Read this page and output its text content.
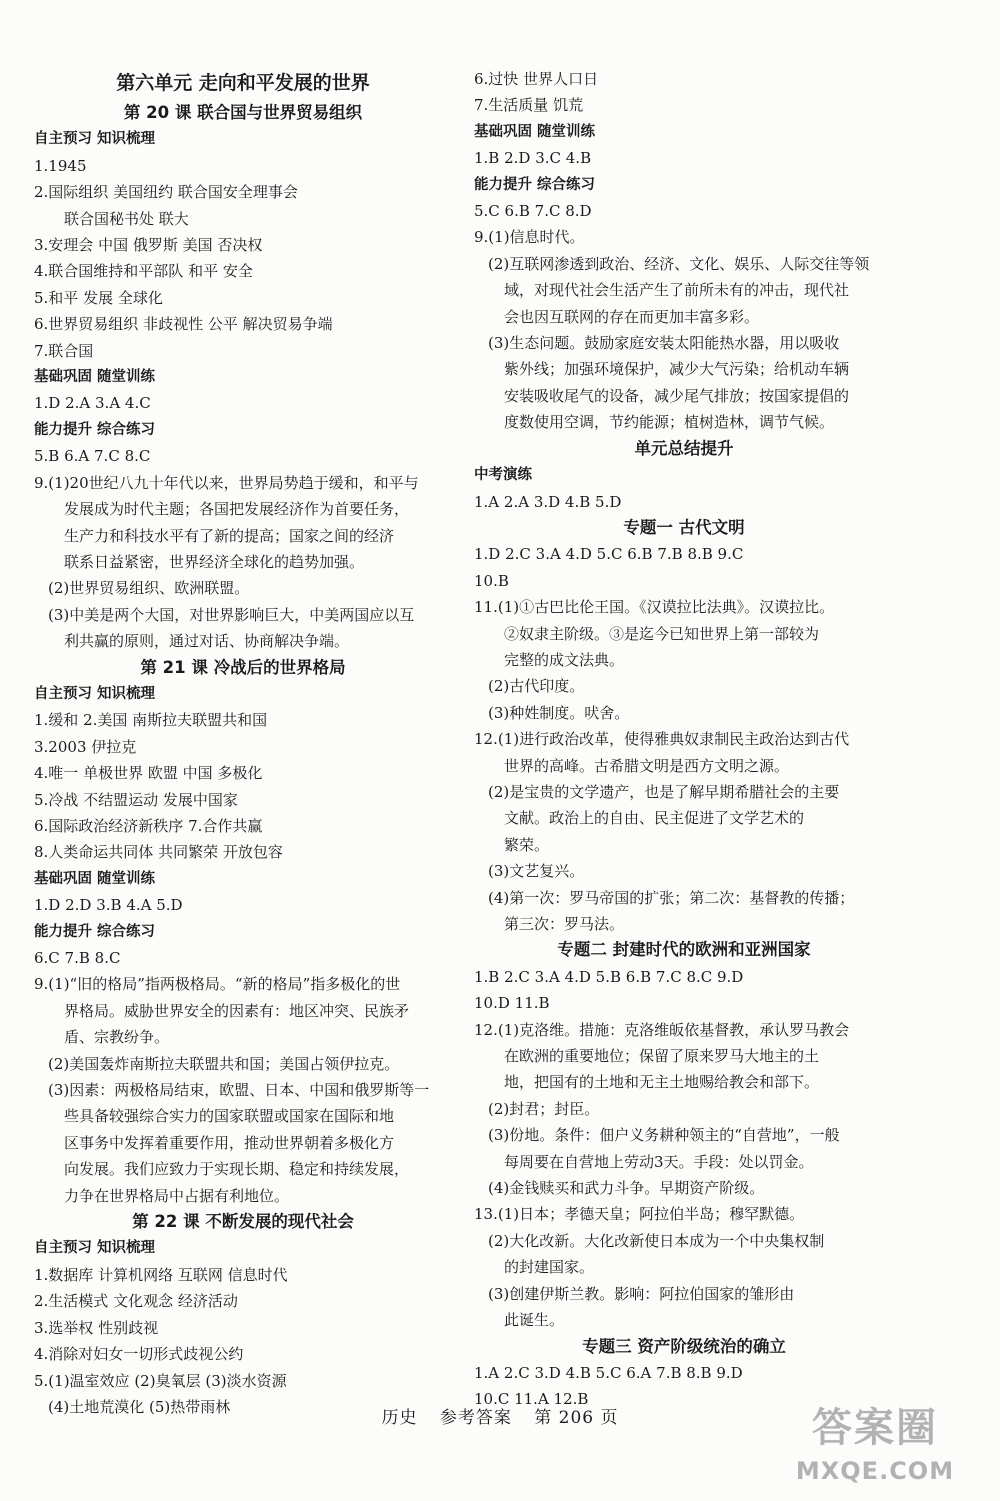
第六单元 走向和平发展的世界
第 20 课 联合国与世界贸易组织
自主预习 知识梳理
1.1945
2.国际组织 美国纽约 联合国安全理事会
联合国秘书处 联大
3.安理会 中国 俄罗斯 美国 否决权
4.联合国维持和平部队 和平 安全
5.和平 发展 全球化
6.世界贸易组织 非歧视性 公平 解决贸易争端
7.联合国
基础巩固 随堂训练
1.D 2.A 3.A 4.C
能力提升 综合练习
5.B 6.A 7.C 8.C
9.(1)20世纪八九十年代以来，世界局势趋于缓和，和平与
发展成为时代主题；各国把发展经济作为首要任务，
生产力和科技水平有了新的提高；国家之间的经济
联系日益紧密，世界经济全球化的趋势加强。
(2)世界贸易组织、欧洲联盟。
(3)中美是两个大国，对世界影响巨大，中美两国应以互
利共赢的原则，通过对话、协商解决争端。
第 21 课 冷战后的世界格局
自主预习 知识梳理
1.缓和 2.美国 南斯拉夫联盟共和国
3.2003 伊拉克
4.唯一 单极世界 欧盟 中国 多极化
5.冷战 不结盟运动 发展中国家
6.国际政治经济新秩序 7.合作共赢
8.人类命运共同体 共同繁荣 开放包容
基础巩固 随堂训练
1.D 2.D 3.B 4.A 5.D
能力提升 综合练习
6.C 7.B 8.C
9.(1)“旧的格局”指两极格局。“新的格局”指多极化的世
界格局。威胁世界安全的因素有：地区冲突、民族矛
盾、宗教纷争。
(2)美国轰炸南斯拉夫联盟共和国；美国占领伊拉克。
(3)因素：两极格局结束，欧盟、日本、中国和俄罗斯等一
些具备较强综合实力的国家联盟或国家在国际和地
区事务中发挥着重要作用，推动世界朝着多极化方
向发展。我们应致力于实现长期、稳定和持续发展，
力争在世界格局中占据有利地位。
第 22 课 不断发展的现代社会
自主预习 知识梳理
1.数据库 计算机网络 互联网 信息时代
2.生活模式 文化观念 经济活动
3.选举权 性别歧视
4.消除对妇女一切形式歧视公约
5.(1)温室效应 (2)臭氧层 (3)淡水资源
(4)土地荒漠化 (5)热带雨林
6.过快 世界人口日
7.生活质量 饥荒
基础巩固 随堂训练
1.B 2.D 3.C 4.B
能力提升 综合练习
5.C 6.B 7.C 8.D
9.(1)信息时代。
(2)互联网渗透到政治、经济、文化、娱乐、人际交往等领
域，对现代社会生活产生了前所未有的冲击，现代社
会也因互联网的存在而更加丰富多彩。
(3)生态问题。鼓励家庭安装太阳能热水器，用以吸收
紫外线；加强环境保护，减少大气污染；给机动车辆
安装吸收尾气的设备，减少尾气排放；按国家提倡的
度数使用空调，节约能源；植树造林，调节气候。
单元总结提升
中考演练
1.A 2.A 3.D 4.B 5.D
专题一 古代文明
1.D 2.C 3.A 4.D 5.C 6.B 7.B 8.B 9.C
10.B
11.(1)①古巴比伦王国。《汉谟拉比法典》。汉谟拉比。
②奴隶主阶级。③是迄今已知世界上第一部较为
完整的成文法典。
(2)古代印度。
(3)种姓制度。吠舍。
12.(1)进行政治改革，使得雅典奴隶制民主政治达到古代
世界的高峰。古希腊文明是西方文明之源。
(2)是宝贵的文学遗产，也是了解早期希腊社会的主要
文献。政治上的自由、民主促进了文学艺术的
繁荣。
(3)文艺复兴。
(4)第一次：罗马帝国的扩张；第二次：基督教的传播；
第三次：罗马法。
专题二 封建时代的欧洲和亚洲国家
1.B 2.C 3.A 4.D 5.B 6.B 7.C 8.C 9.D
10.D 11.B
12.(1)克洛维。措施：克洛维皈依基督教，承认罗马教会
在欧洲的重要地位；保留了原来罗马大地主的土
地，把国有的土地和无主土地赐给教会和部下。
(2)封君；封臣。
(3)份地。条件：佃户义务耕种领主的“自营地”，一般
每周要在自营地上劳动3天。手段：处以罚金。
(4)金钱赎买和武力斗争。早期资产阶级。
13.(1)日本；孝德天皇；阿拉伯半岛；穆罕默德。
(2)大化改新。大化改新使日本成为一个中央集权制
的封建国家。
(3)创建伊斯兰教。影响：阿拉伯国家的雏形由
此诞生。
专题三 资产阶级统治的确立
1.A 2.C 3.D 4.B 5.C 6.A 7.B 8.B 9.D
10.C 11.A 12.B
历史 参考答案 第 206 页	答案圈
MXQE.COM
